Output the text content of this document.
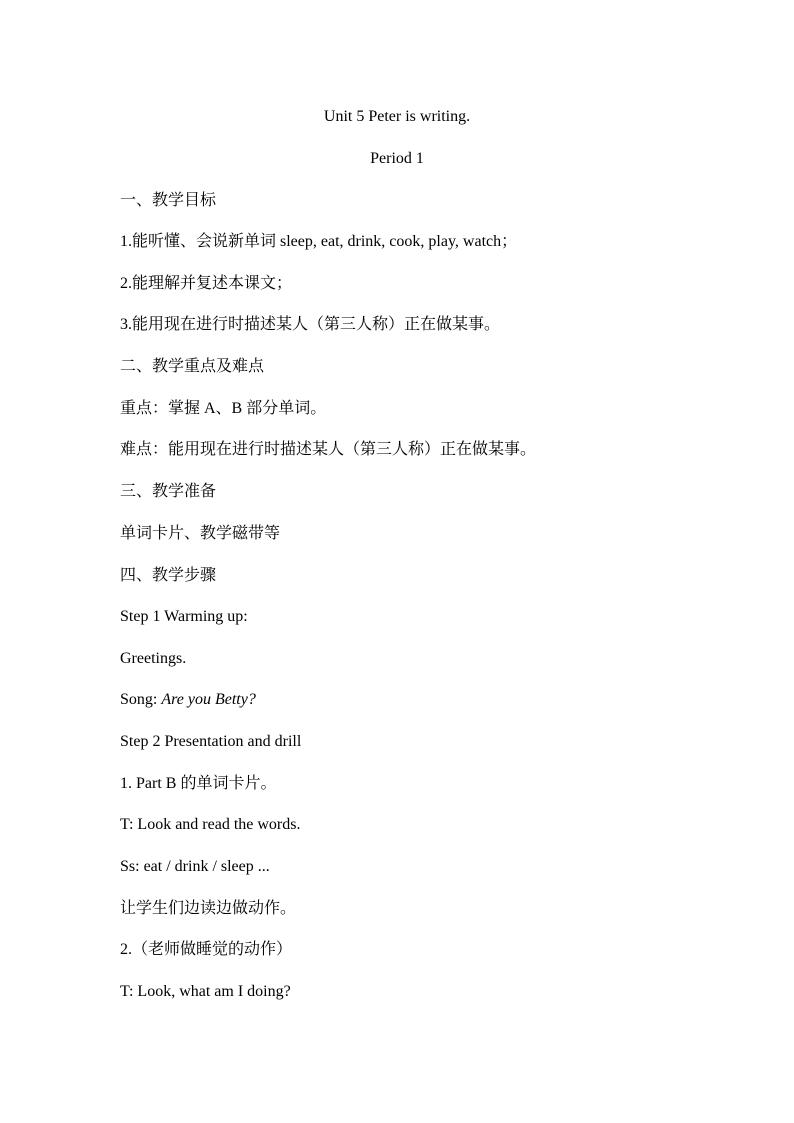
Unit 5 Peter is writing.
Period 1
一、教学目标
1.能听懂、会说新单词 sleep, eat, drink, cook, play, watch；
2.能理解并复述本课文；
3.能用现在进行时描述某人（第三人称）正在做某事。
二、教学重点及难点
重点：掌握 A、B 部分单词。
难点：能用现在进行时描述某人（第三人称）正在做某事。
三、教学准备
单词卡片、教学磁带等
四、教学步骤
Step 1 Warming up:
Greetings.
Song: Are you Betty?
Step 2 Presentation and drill
1. Part B 的单词卡片。
T: Look and read the words.
Ss: eat / drink / sleep ...
让学生们边读边做动作。
2.（老师做睡觉的动作）
T: Look, what am I doing?
